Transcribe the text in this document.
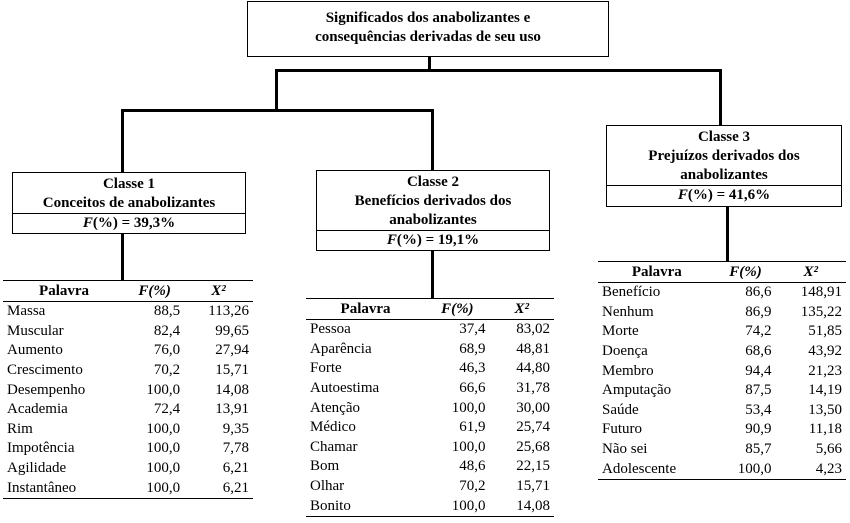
Significados dos anabolizantes e
consequências derivadas de seu uso
Classe 1
Conceitos de anabolizantes
F(%) = 39,3%
Classe 2
Benefícios derivados dos
anabolizantes
F(%) = 19,1%
Classe 3
Prejuízos derivados dos
anabolizantes
F(%) = 41,6%
Palavra	F(%)	X²
Massa	88,5	113,26
Muscular	82,4	99,65
Aumento	76,0	27,94
Crescimento	70,2	15,71
Desempenho	100,0	14,08
Academia	72,4	13,91
Rim	100,0	9,35
Impotência	100,0	7,78
Agilidade	100,0	6,21
Instantâneo	100,0	6,21
Palavra	F(%)	X²
Pessoa	37,4	83,02
Aparência	68,9	48,81
Forte	46,3	44,80
Autoestima	66,6	31,78
Atenção	100,0	30,00
Médico	61,9	25,74
Chamar	100,0	25,68
Bom	48,6	22,15
Olhar	70,2	15,71
Bonito	100,0	14,08
Palavra	F(%)	X²
Benefício	86,6	148,91
Nenhum	86,9	135,22
Morte	74,2	51,85
Doença	68,6	43,92
Membro	94,4	21,23
Amputação	87,5	14,19
Saúde	53,4	13,50
Futuro	90,9	11,18
Não sei	85,7	5,66
Adolescente	100,0	4,23
